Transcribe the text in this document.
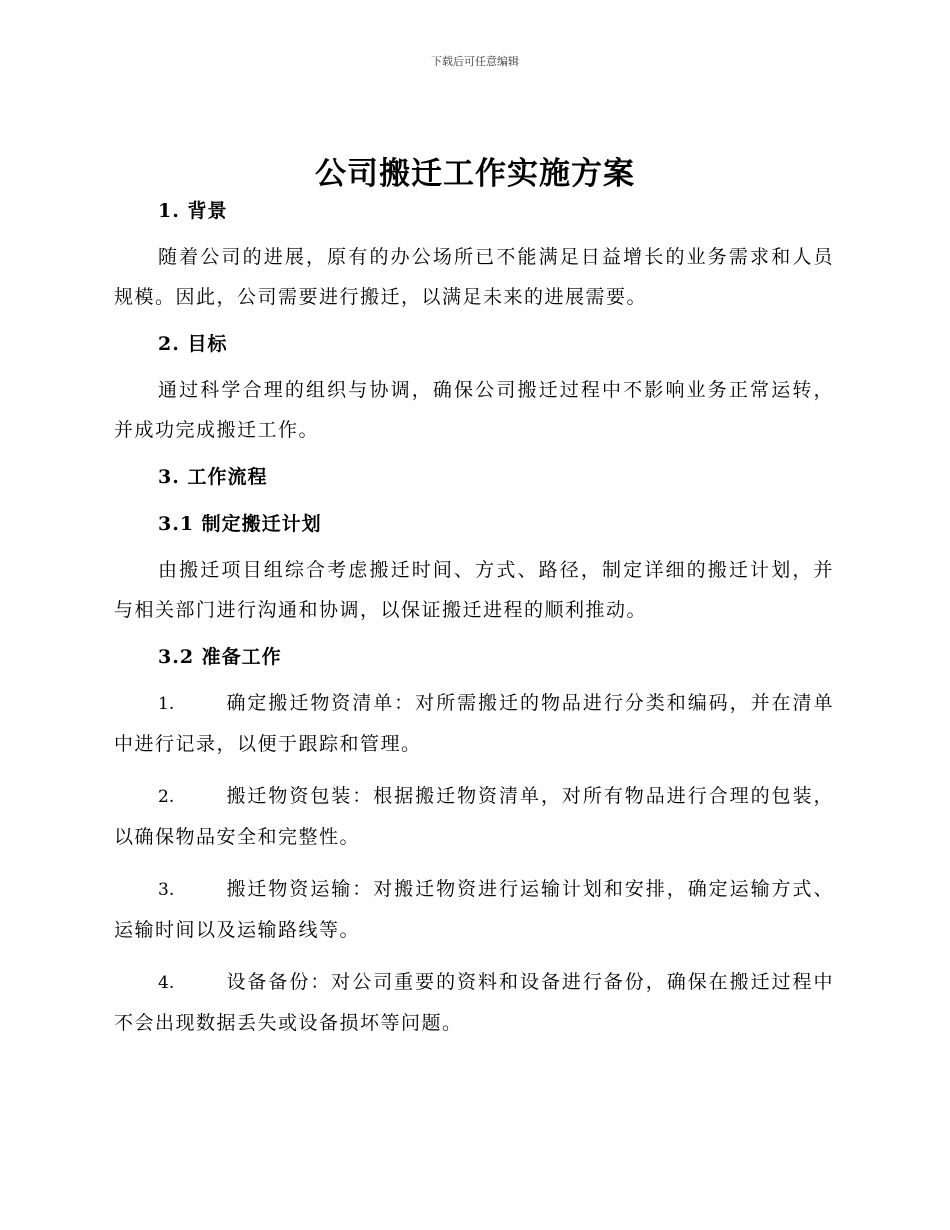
下载后可任意编辑
公司搬迁工作实施方案

1. 背景

随着公司的进展，原有的办公场所已不能满足日益增长的业务需求和人员规模。因此，公司需要进行搬迁，以满足未来的进展需要。

2. 目标

通过科学合理的组织与协调，确保公司搬迁过程中不影响业务正常运转，并成功完成搬迁工作。

3. 工作流程

3.1 制定搬迁计划

由搬迁项目组综合考虑搬迁时间、方式、路径，制定详细的搬迁计划，并与相关部门进行沟通和协调，以保证搬迁进程的顺利推动。

3.2 准备工作

1.	确定搬迁物资清单：对所需搬迁的物品进行分类和编码，并在清单中进行记录，以便于跟踪和管理。

2.	搬迁物资包装：根据搬迁物资清单，对所有物品进行合理的包装，以确保物品安全和完整性。

3.	搬迁物资运输：对搬迁物资进行运输计划和安排，确定运输方式、运输时间以及运输路线等。

4.	设备备份：对公司重要的资料和设备进行备份，确保在搬迁过程中不会出现数据丢失或设备损坏等问题。
